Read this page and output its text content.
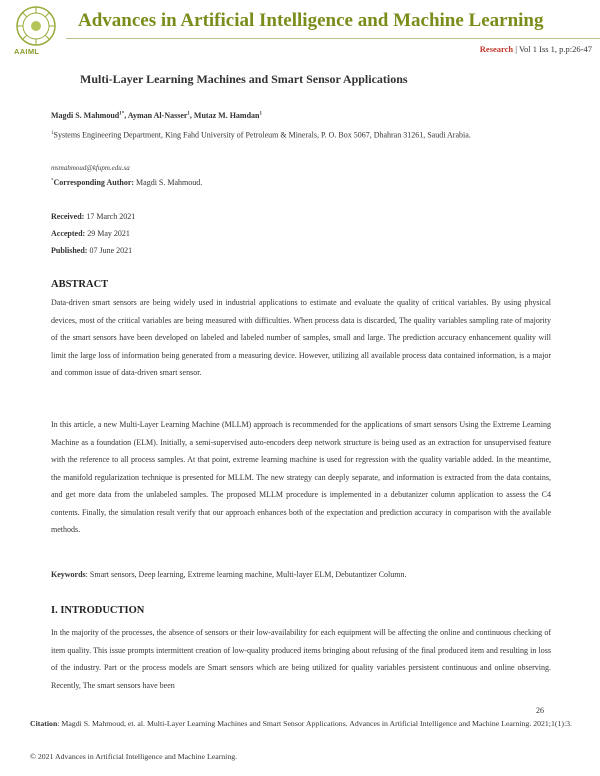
AAIML
Advances in Artificial Intelligence and Machine Learning
Research | Vol 1 Iss 1, p.p:26-47
Multi-Layer Learning Machines and Smart Sensor Applications
Magdi S. Mahmoud$^{1*}$, Ayman Al-Nasser$^1$, Mutaz M. Hamdan$^1$
$^1$Systems Engineering Department, King Fahd University of Petroleum & Minerals, P. O. Box 5067, Dhahran 31261, Saudi Arabia.
msmahmoud@kfupm.edu.sa
*Corresponding Author: Magdi S. Mahmoud.
Received: 17 March 2021
Accepted: 29 May 2021
Published: 07 June 2021
ABSTRACT
Data-driven smart sensors are being widely used in industrial applications to estimate and evaluate the quality of critical variables. By using physical devices, most of the critical variables are being measured with difficulties. When process data is discarded, The quality variables sampling rate of majority of the smart sensors have been developed on labeled and labeled number of samples, small and large. The prediction accuracy enhancement quality will limit the large loss of information being generated from a measuring device. However, utilizing all available process data contained information, is a major and common issue of data-driven smart sensor.
In this article, a new Multi-Layer Learning Machine (MLLM) approach is recommended for the applications of smart sensors Using the Extreme Learning Machine as a foundation (ELM). Initially, a semi-supervised auto-encoders deep network structure is being used as an extraction for unsupervised feature with the reference to all process samples. At that point, extreme learning machine is used for regression with the quality variable added. In the meantime, the manifold regularization technique is presented for MLLM. The new strategy can deeply separate, and information is extracted from the data contains, and get more data from the unlabeled samples. The proposed MLLM procedure is implemented in a debutanizer column application to assess the C4 contents. Finally, the simulation result verify that our approach enhances both of the expectation and prediction accuracy in comparison with the available methods.
Keywords: Smart sensors, Deep learning, Extreme learning machine, Multi-layer ELM, Debutantizer Column.
I. INTRODUCTION
In the majority of the processes, the absence of sensors or their low-availability for each equipment will be affecting the online and continuous checking of item quality. This issue prompts intermittent creation of low-quality produced items bringing about refusing of the final produced item and resulting in loss of the industry. Part or the process models are Smart sensors which are being utilized for quality variables persistent continuous and online observing. Recently, The smart sensors have been
26
Citation: Magdi S. Mahmoud, et. al. Multi-Layer Learning Machines and Smart Sensor Applications. Advances in Artificial Intelligence and Machine Learning. 2021;1(1):3.
© 2021 Advances in Artificial Intelligence and Machine Learning.
